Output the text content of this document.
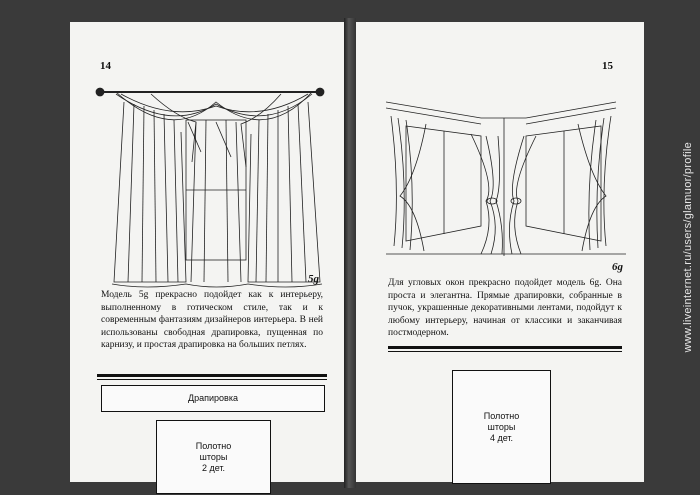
14
5g
Модель 5g прекрасно подойдет как к интерьеру, выполненному в готическом стиле, так и к современным фантазиям дизайнеров интерьера. В ней использованы свободная драпировка, пущенная по карнизу, и простая драпировка на больших петлях.
Драпировка
Полотно
шторы
2 дет.
15
6g
Для угловых окон прекрасно подойдет модель 6g. Она проста и элегантна. Прямые драпировки, собранные в пучок, украшенные декоративными лентами, подойдут к любому интерьеру, начиная от классики и заканчивая постмодерном.
Полотно
шторы
4 дет.
www.liveinternet.ru/users/glamuor/profile
